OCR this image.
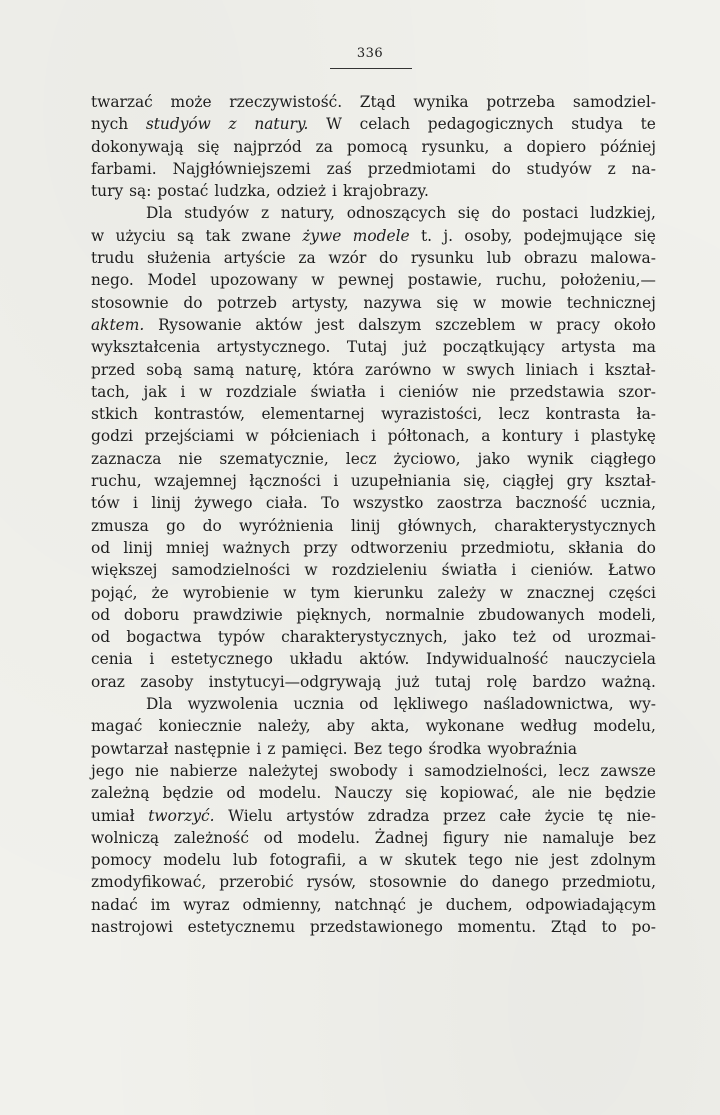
336
twarzać może rzeczywistość. Ztąd wynika potrzeba samodziel-
nych studyów z natury. W celach pedagogicznych studya te
dokonywają się najprzód za pomocą rysunku, a dopiero później
farbami. Najgłówniejszemi zaś przedmiotami do studyów z na-
tury są: postać ludzka, odzież i krajobrazy.
Dla studyów z natury, odnoszących się do postaci ludzkiej,
w użyciu są tak zwane żywe modele t. j. osoby, podejmujące się
trudu służenia artyście za wzór do rysunku lub obrazu malowa-
nego. Model upozowany w pewnej postawie, ruchu, położeniu,—
stosownie do potrzeb artysty, nazywa się w mowie technicznej
aktem. Rysowanie aktów jest dalszym szczeblem w pracy około
wykształcenia artystycznego. Tutaj już początkujący artysta ma
przed sobą samą naturę, która zarówno w swych liniach i kształ-
tach, jak i w rozdziale światła i cieniów nie przedstawia szor-
stkich kontrastów, elementarnej wyrazistości, lecz kontrasta ła-
godzi przejściami w półcieniach i półtonach, a kontury i plastykę
zaznacza nie szematycznie, lecz życiowo, jako wynik ciągłego
ruchu, wzajemnej łączności i uzupełniania się, ciągłej gry kształ-
tów i linij żywego ciała. To wszystko zaostrza baczność ucznia,
zmusza go do wyróżnienia linij głównych, charakterystycznych
od linij mniej ważnych przy odtworzeniu przedmiotu, skłania do
większej samodzielności w rozdzieleniu światła i cieniów. Łatwo
pojąć, że wyrobienie w tym kierunku zależy w znacznej części
od doboru prawdziwie pięknych, normalnie zbudowanych modeli,
od bogactwa typów charakterystycznych, jako też od urozmai-
cenia i estetycznego układu aktów. Indywidualność nauczyciela
oraz zasoby instytucyi—odgrywają już tutaj rolę bardzo ważną.
Dla wyzwolenia ucznia od lękliwego naśladownictwa, wy-
magać koniecznie należy, aby akta, wykonane według modelu,
powtarzał następnie i z pamięci. Bez tego środka wyobraźnia
jego nie nabierze należytej swobody i samodzielności, lecz zawsze
zależną będzie od modelu. Nauczy się kopiować, ale nie będzie
umiał tworzyć. Wielu artystów zdradza przez całe życie tę nie-
wolniczą zależność od modelu. Żadnej figury nie namaluje bez
pomocy modelu lub fotografii, a w skutek tego nie jest zdolnym
zmodyfikować, przerobić rysów, stosownie do danego przedmiotu,
nadać im wyraz odmienny, natchnąć je duchem, odpowiadającym
nastrojowi estetycznemu przedstawionego momentu. Ztąd to po-
